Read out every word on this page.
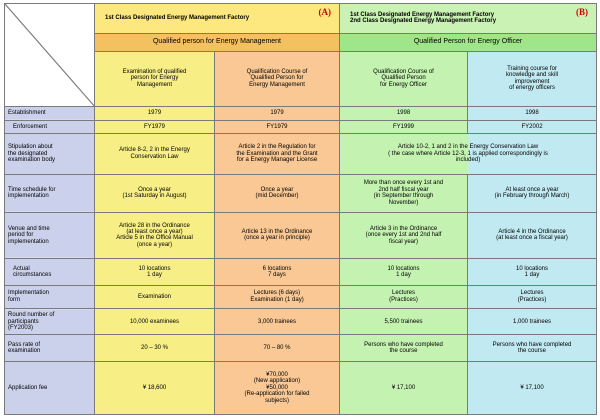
	1st Class Designated Energy Management Factory
(A)		1st Class Designated Energy Management Factory
2nd Class Designated Energy Management Factory
(B)	

	Qualified person for Energy Management		Qualified Person for Energy Officer	

	Examination of qualified
person for Energy
Management	Qualification Course of
Qualified Person for
Energy Management	Qualification Course of
Qualified Person
for Energy Officer	Training course for
knowledge and skill
improvement
of energy officers

Establishment	1979	1979	1998	1998

Enforcement	FY1979	FY1979	FY1999	FY2002

Stipulation about
the designated
examination body	Article 8-2, 2 in the Energy
Conservation Law	Article 2 in the Regulation for
the Examination and the Grant
for a Energy Manager License	Article 10-2, 1 and 2 in the Energy Conservation Law
( the case where Article 12-3, 1 is applied correspondingly is
included)	

Time schedule for
implementation	Once a year
(1st Saturday in August)	Once a year
(mid December)	More than once every 1st and
2nd half fiscal year
(in September through
November)	At least once a year
(in February through March)

Venue and time
period for
implementation	Article 28 in the Ordinance
(at least once a year)
Article 5 in the Office Manual
(once a year)	Article 13 in the Ordinance
(once a year in principle)	Article 3 in the Ordinance
(once every 1st and 2nd half
fiscal year)	Article 4 in the Ordinance
(at least once a fiscal year)

Actual
circumstances	10 locations
1 day	6 locations
7 days	10 locations
1 day	10 locations
1 day

Implementation
form	Examination	Lectures (6 days)
Examination (1 day)	Lectures
(Practices)	Lectures
(Practices)

Round number of
participants
(FY2003)	10,000 examinees	3,000 trainees	5,500 trainees	1,000 trainees

Pass rate of
examination	20 – 30 %	70 – 80 %	Persons who have completed
the course	Persons who have completed
the course

Application fee	¥ 18,600	¥70,000
(New application)
¥50,000
(Re-application for failed
subjects)	¥ 17,100	¥ 17,100
